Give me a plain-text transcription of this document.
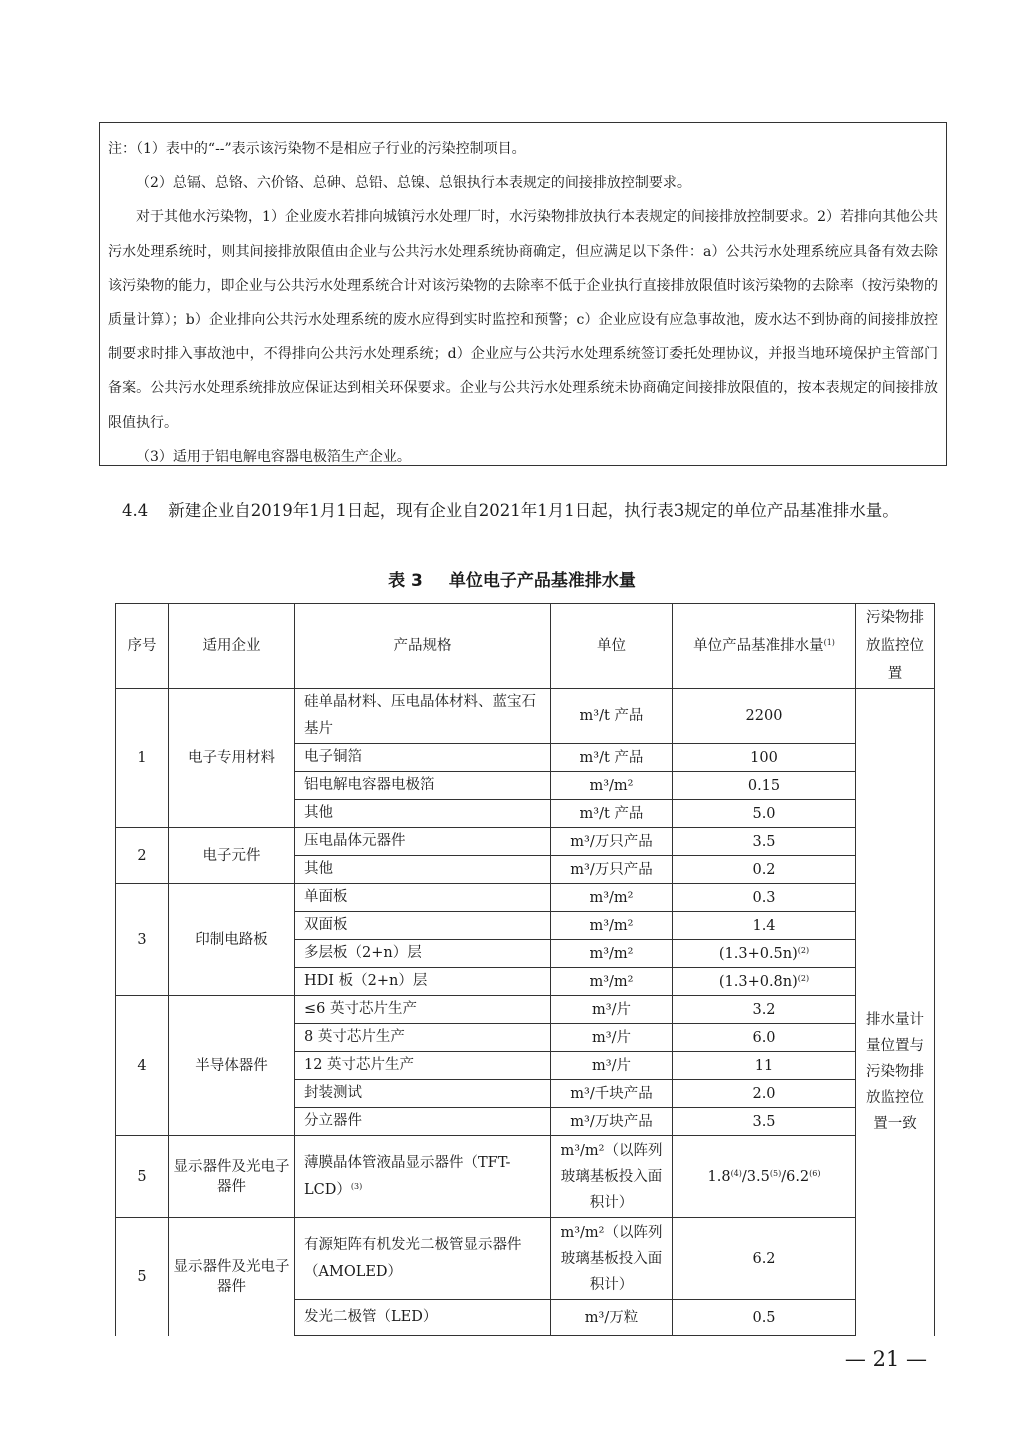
注：（1）表中的“--”表示该污染物不是相应子行业的污染控制项目。

（2）总镉、总铬、六价铬、总砷、总铅、总镍、总银执行本表规定的间接排放控制要求。

对于其他水污染物，1）企业废水若排向城镇污水处理厂时，水污染物排放执行本表规定的间接排放控制要求。2）若排向其他公共污水处理系统时，则其间接排放限值由企业与公共污水处理系统协商确定，但应满足以下条件：a）公共污水处理系统应具备有效去除该污染物的能力，即企业与公共污水处理系统合计对该污染物的去除率不低于企业执行直接排放限值时该污染物的去除率（按污染物的质量计算）；b）企业排向公共污水处理系统的废水应得到实时监控和预警；c）企业应设有应急事故池，废水达不到协商的间接排放控制要求时排入事故池中，不得排向公共污水处理系统；d）企业应与公共污水处理系统签订委托处理协议，并报当地环境保护主管部门备案。公共污水处理系统排放应保证达到相关环保要求。企业与公共污水处理系统未协商确定间接排放限值的，按本表规定的间接排放限值执行。

（3）适用于铝电解电容器电极箔生产企业。

4.4 新建企业自2019年1月1日起，现有企业自2021年1月1日起，执行表3规定的单位产品基准排水量。
表 3 单位电子产品基准排水量
序号	适用企业	产品规格	单位	单位产品基准排水量$^{(1)}$	污染物排放监控位置
1	电子专用材料	硅单晶材料、压电晶体材料、蓝宝石基片	m³/t 产品	2200	排水量计量位置与污染物排放监控位置一致
		电子铜箔	m³/t 产品	100	
		铝电解电容器电极箔	m³/m²	0.15	
		其他	m³/t 产品	5.0	
2	电子元件	压电晶体元器件	m³/万只产品	3.5	
		其他	m³/万只产品	0.2	
3	印制电路板	单面板	m³/m²	0.3	
		双面板	m³/m²	1.4	
		多层板（2+n）层	m³/m²	$(1.3+0.5n)^{(2)}$
		HDI 板（2+n）层	m³/m²	$(1.3+0.8n)^{(2)}$
4	半导体器件	≤6 英寸芯片生产	m³/片	3.2	
		8 英寸芯片生产	m³/片	6.0	
		12 英寸芯片生产	m³/片	11	
		封装测试	m³/千块产品	2.0	
		分立器件	m³/万块产品	3.5	
5	显示器件及光电子器件	薄膜晶体管液晶显示器件$(TFT-LCD)^{(3)}$	m³/m²（以阵列玻璃基板投入面积计）	1.8$^{(4)}$/3.5$^{(5)}$/6.2$^{(6)}$
5	显示器件及光电子器件	有源矩阵有机发光二极管显示器件（AMOLED）	m³/m²（以阵列玻璃基板投入面积计）	6.2	
		发光二极管（LED）	m³/万粒	0.5	
— 21 —
